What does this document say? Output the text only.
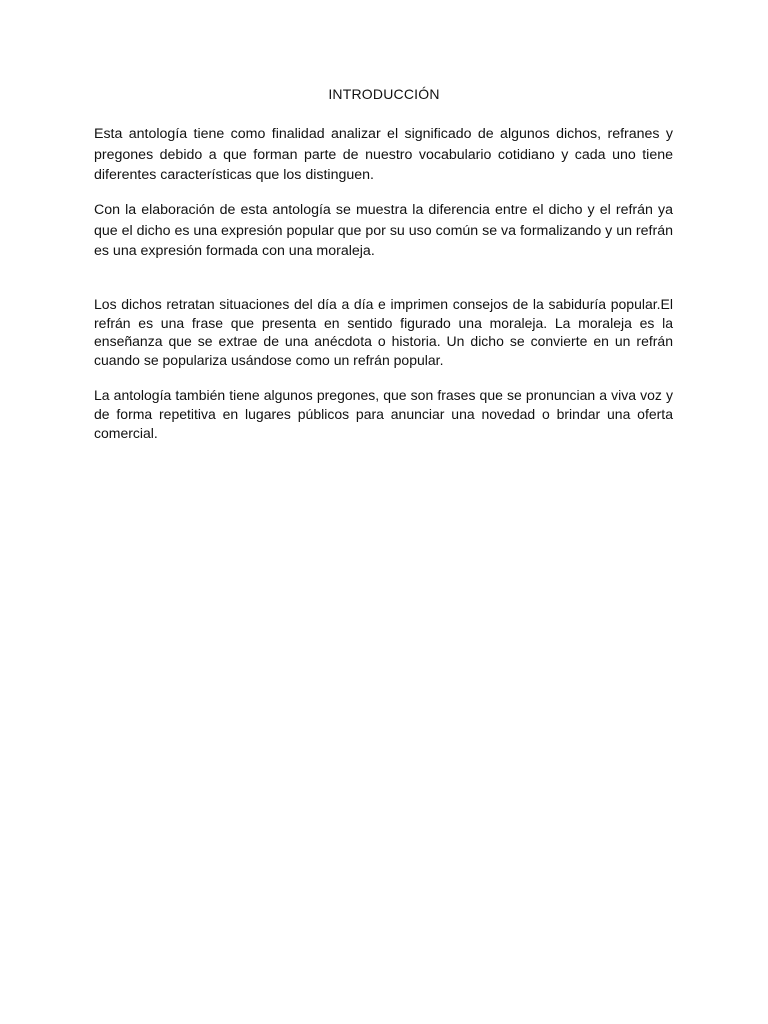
INTRODUCCIÓN

Esta antología tiene como finalidad analizar el significado de algunos dichos, refranes y pregones debido a que forman parte de nuestro vocabulario cotidiano y cada uno tiene diferentes características que los distinguen.

Con la elaboración de esta antología se muestra la diferencia entre el dicho y el refrán ya que el dicho es una expresión popular que por su uso común se va formalizando y un refrán es una expresión formada con una moraleja.

Los dichos retratan situaciones del día a día e imprimen consejos de la sabiduría popular.El refrán es una frase que presenta en sentido figurado una moraleja. La moraleja es la enseñanza que se extrae de una anécdota o historia. Un dicho se convierte en un refrán cuando se populariza usándose como un refrán popular.

La antología también tiene algunos pregones, que son frases que se pronuncian a viva voz y de forma repetitiva en lugares públicos para anunciar una novedad o brindar una oferta comercial.
